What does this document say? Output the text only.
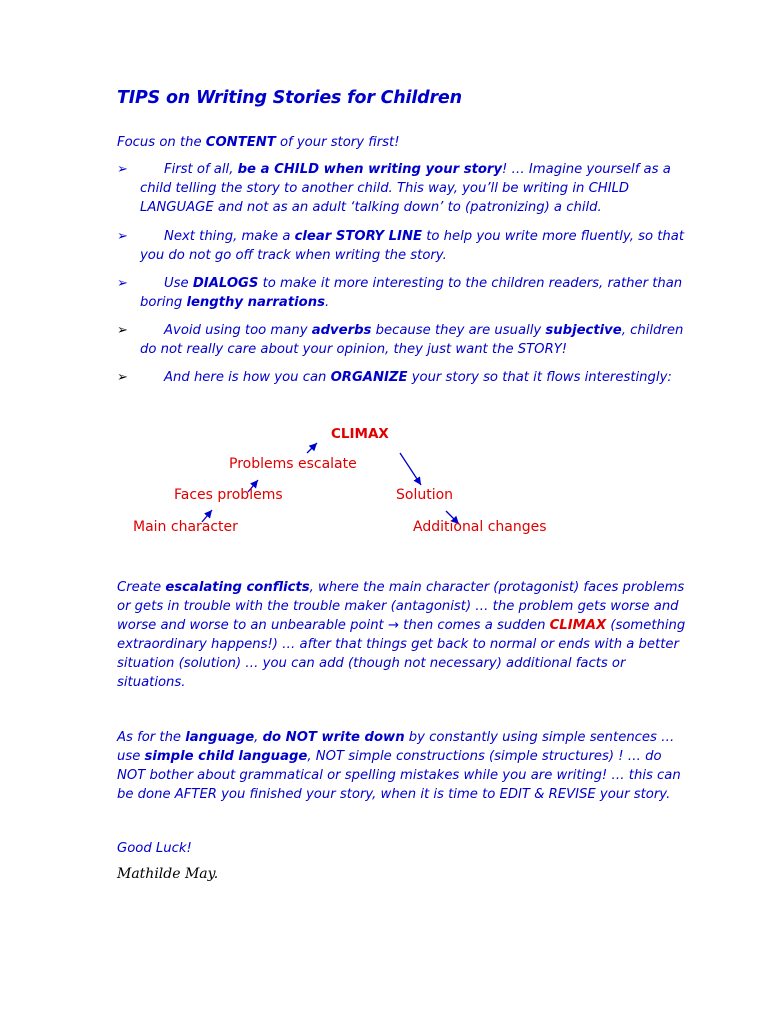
TIPS on Writing Stories for Children
Focus on the CONTENT of your story first!
➢	First of all, be a CHILD when writing your story! … Imagine yourself as a child telling the story to another child. This way, you’ll be writing in CHILD LANGUAGE and not as an adult ‘talking down’ to (patronizing) a child.
➢	Next thing, make a clear STORY LINE to help you write more fluently, so that you do not go off track when writing the story.
➢	Use DIALOGS to make it more interesting to the children readers, rather than boring lengthy narrations.
➢	Avoid using too many adverbs because they are usually subjective, children do not really care about your opinion, they just want the STORY!
➢	And here is how you can ORGANIZE your story so that it flows interestingly:
CLIMAX
Problems escalate
Faces problems
Main character
Solution
Additional changes
Create escalating conflicts, where the main character (protagonist) faces problems or gets in trouble with the trouble maker (antagonist) … the problem gets worse and worse and worse to an unbearable point → then comes a sudden CLIMAX (something extraordinary happens!) … after that things get back to normal or ends with a better situation (solution) … you can add (though not necessary) additional facts or situations.
As for the language, do NOT write down by constantly using simple sentences … use simple child language, NOT simple constructions (simple structures) ! … do NOT bother about grammatical or spelling mistakes while you are writing! … this can be done AFTER you finished your story, when it is time to EDIT & REVISE your story.
Good Luck!
Mathilde May.
